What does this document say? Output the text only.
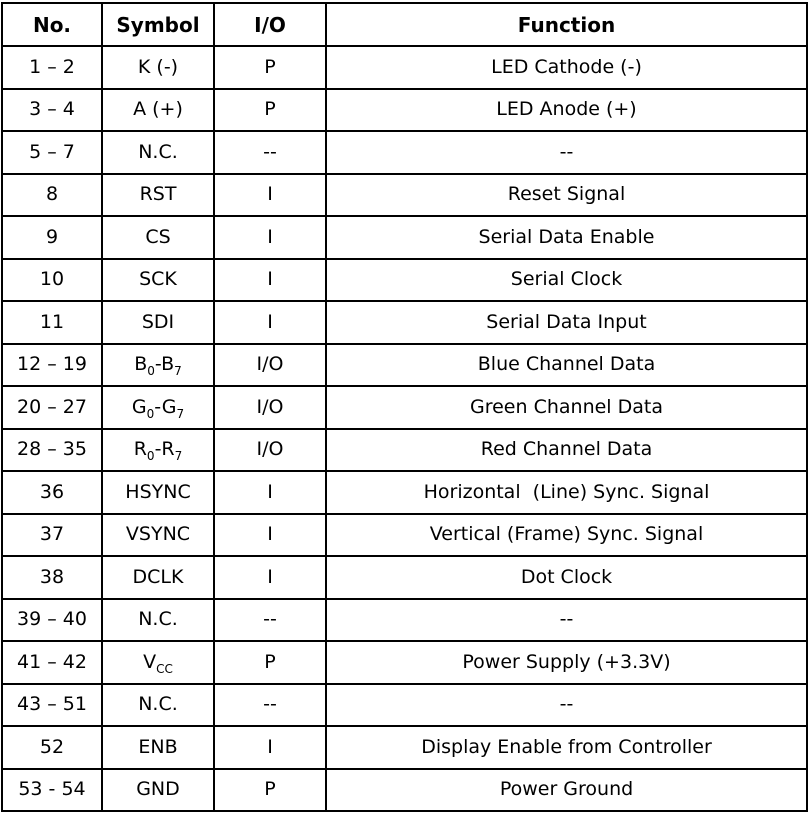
No.	Symbol	I/O	Function
1 – 2	K (-)	P	LED Cathode (-)
3 – 4	A (+)	P	LED Anode (+)
5 – 7	N.C.	--	--
8	RST	I	Reset Signal
9	CS	I	Serial Data Enable
10	SCK	I	Serial Clock
11	SDI	I	Serial Data Input
12 – 19	$B_0-B_7$	I/O	Blue Channel Data
20 – 27	$G_0-G_7$	I/O	Green Channel Data
28 – 35	$R_0-R_7$	I/O	Red Channel Data
36	HSYNC	I	Horizontal  (Line) Sync. Signal
37	VSYNC	I	Vertical (Frame) Sync. Signal
38	DCLK	I	Dot Clock
39 – 40	N.C.	--	--
41 – 42	$V_{CC}$	P	Power Supply (+3.3V)
43 – 51	N.C.	--	--
52	ENB	I	Display Enable from Controller
53 - 54	GND	P	Power Ground
